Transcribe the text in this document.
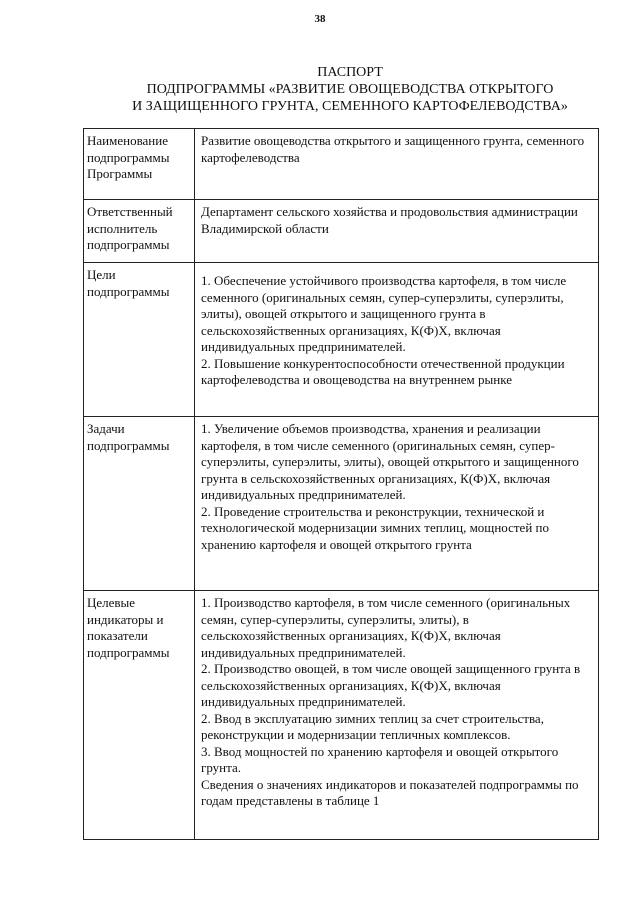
38
ПАСПОРТ
ПОДПРОГРАММЫ «РАЗВИТИЕ ОВОЩЕВОДСТВА ОТКРЫТОГО
И ЗАЩИЩЕННОГО ГРУНТА, СЕМЕННОГО КАРТОФЕЛЕВОДСТВА»
Наименование подпрограммы Программы	Развитие овощеводства открытого и защищенного грунта, семенного картофелеводства

Ответственный исполнитель подпрограммы	Департамент сельского хозяйства и продовольствия администрации Владимирской области

Цели подпрограммы	1. Обеспечение устойчивого производства картофеля, в том числе семенного (оригинальных семян, супер-суперэлиты, суперэлиты, элиты), овощей открытого и защищенного грунта в сельскохозяйственных организациях, К(Ф)Х, включая индивидуальных предпринимателей.
2. Повышение конкурентоспособности отечественной продукции картофелеводства и овощеводства на внутреннем рынке

Задачи подпрограммы	1. Увеличение объемов производства, хранения и реализации картофеля, в том числе семенного (оригинальных семян, супер-суперэлиты, суперэлиты, элиты), овощей открытого и защищенного грунта в сельскохозяйственных организациях, К(Ф)Х, включая индивидуальных предпринимателей.
2. Проведение строительства и реконструкции, технической и технологической модернизации зимних теплиц, мощностей по хранению картофеля и овощей открытого грунта

Целевые индикаторы и показатели подпрограммы	1. Производство картофеля, в том числе семенного (оригинальных семян, супер-суперэлиты, суперэлиты, элиты), в сельскохозяйственных организациях, К(Ф)Х, включая индивидуальных предпринимателей.
2. Производство овощей, в том числе овощей защищенного грунта в сельскохозяйственных организациях, К(Ф)Х, включая индивидуальных предпринимателей.
2. Ввод в эксплуатацию зимних теплиц за счет строительства, реконструкции и модернизации тепличных комплексов.
3. Ввод мощностей по хранению картофеля и овощей открытого грунта.
Сведения о значениях индикаторов и показателей подпрограммы по годам представлены в таблице 1
